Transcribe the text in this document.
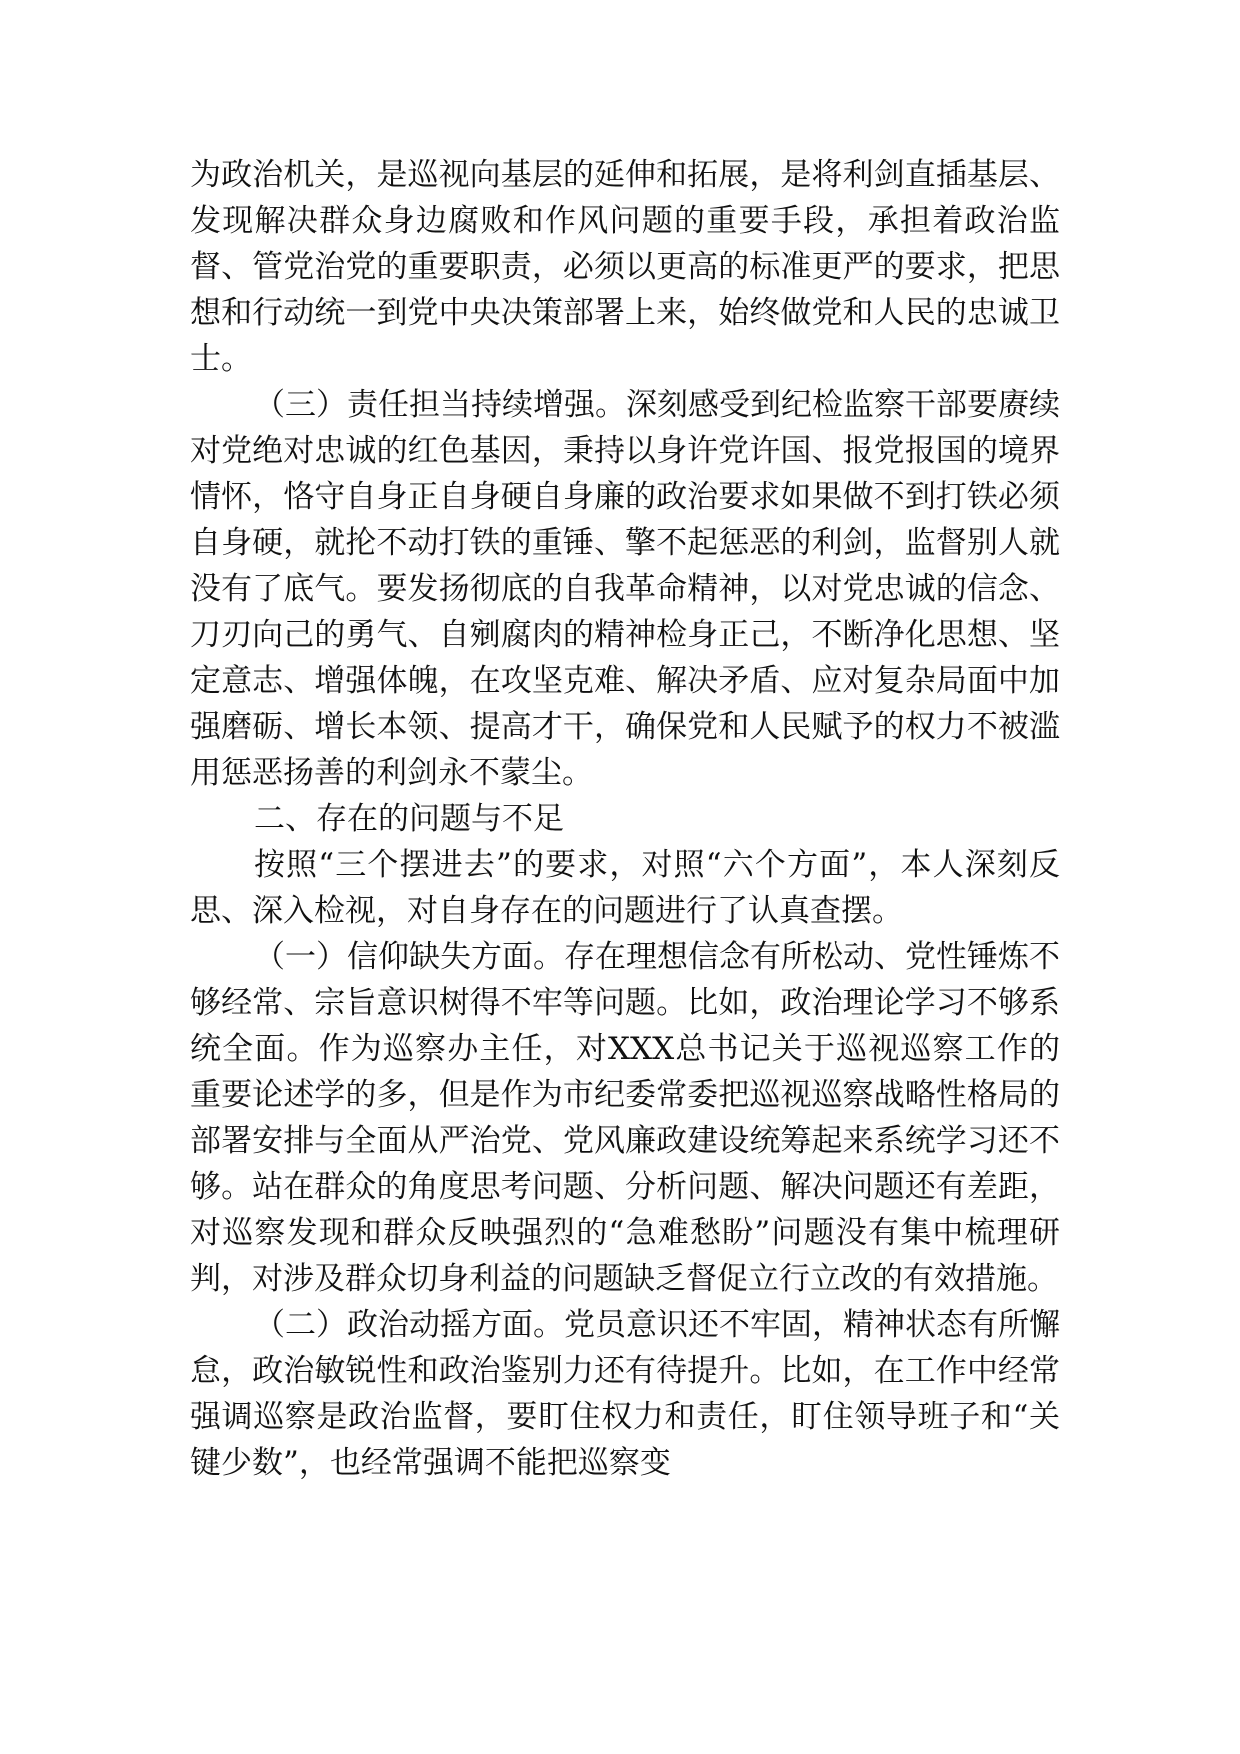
为政治机关，是巡视向基层的延伸和拓展，是将利剑直插基层、发现解决群众身边腐败和作风问题的重要手段，承担着政治监督、管党治党的重要职责，必须以更高的标准更严的要求，把思想和行动统一到党中央决策部署上来，始终做党和人民的忠诚卫士。

（三）责任担当持续增强。深刻感受到纪检监察干部要赓续对党绝对忠诚的红色基因，秉持以身许党许国、报党报国的境界情怀，恪守自身正自身硬自身廉的政治要求如果做不到打铁必须自身硬，就抡不动打铁的重锤、擎不起惩恶的利剑，监督别人就没有了底气。要发扬彻底的自我革命精神，以对党忠诚的信念、刀刃向己的勇气、自剜腐肉的精神检身正己，不断净化思想、坚定意志、增强体魄，在攻坚克难、解决矛盾、应对复杂局面中加强磨砺、增长本领、提高才干，确保党和人民赋予的权力不被滥用惩恶扬善的利剑永不蒙尘。

二、存在的问题与不足

按照“三个摆进去”的要求，对照“六个方面”，本人深刻反思、深入检视，对自身存在的问题进行了认真查摆。

（一）信仰缺失方面。存在理想信念有所松动、党性锤炼不够经常、宗旨意识树得不牢等问题。比如，政治理论学习不够系统全面。作为巡察办主任，对XXX总书记关于巡视巡察工作的重要论述学的多，但是作为市纪委常委把巡视巡察战略性格局的部署安排与全面从严治党、党风廉政建设统筹起来系统学习还不够。站在群众的角度思考问题、分析问题、解决问题还有差距，对巡察发现和群众反映强烈的“急难愁盼”问题没有集中梳理研判，对涉及群众切身利益的问题缺乏督促立行立改的有效措施。

（二）政治动摇方面。党员意识还不牢固，精神状态有所懈怠，政治敏锐性和政治鉴别力还有待提升。比如，在工作中经常强调巡察是政治监督，要盯住权力和责任，盯住领导班子和“关键少数”，也经常强调不能把巡察变
